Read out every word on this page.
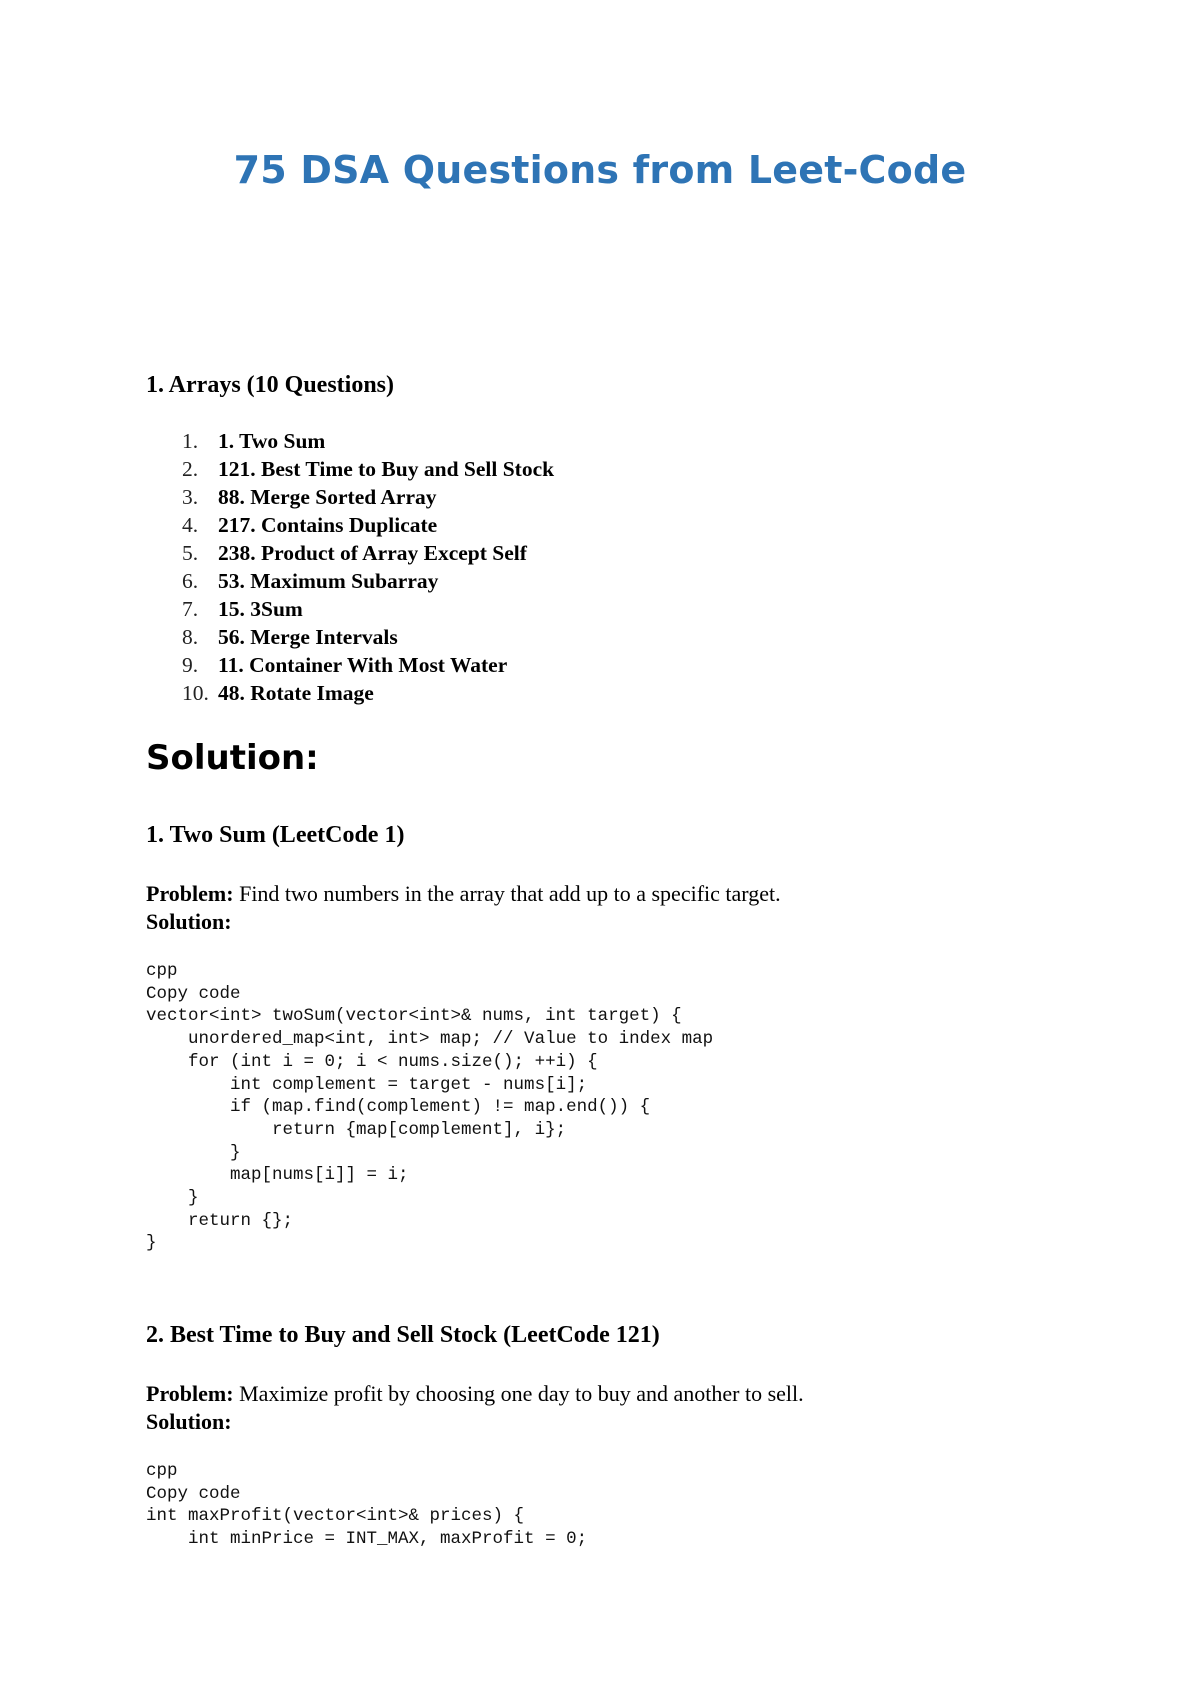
75 DSA Questions from Leet-Code
1. Arrays (10 Questions)
1. 1. Two Sum
2. 121. Best Time to Buy and Sell Stock
3. 88. Merge Sorted Array
4. 217. Contains Duplicate
5. 238. Product of Array Except Self
6. 53. Maximum Subarray
7. 15. 3Sum
8. 56. Merge Intervals
9. 11. Container With Most Water
10. 48. Rotate Image
Solution:
1. Two Sum (LeetCode 1)
Problem: Find two numbers in the array that add up to a specific target.
Solution:
cpp
Copy code
vector<int> twoSum(vector<int>& nums, int target) {
unordered_map<int, int> map; // Value to index map
for (int i = 0; i < nums.size(); ++i) {
int complement = target - nums[i];
if (map.find(complement) != map.end()) {
return {map[complement], i};
}
map[nums[i]] = i;
}
return {};
}
2. Best Time to Buy and Sell Stock (LeetCode 121)
Problem: Maximize profit by choosing one day to buy and another to sell.
Solution:
cpp
Copy code
int maxProfit(vector<int>& prices) {
int minPrice = INT_MAX, maxProfit = 0;
